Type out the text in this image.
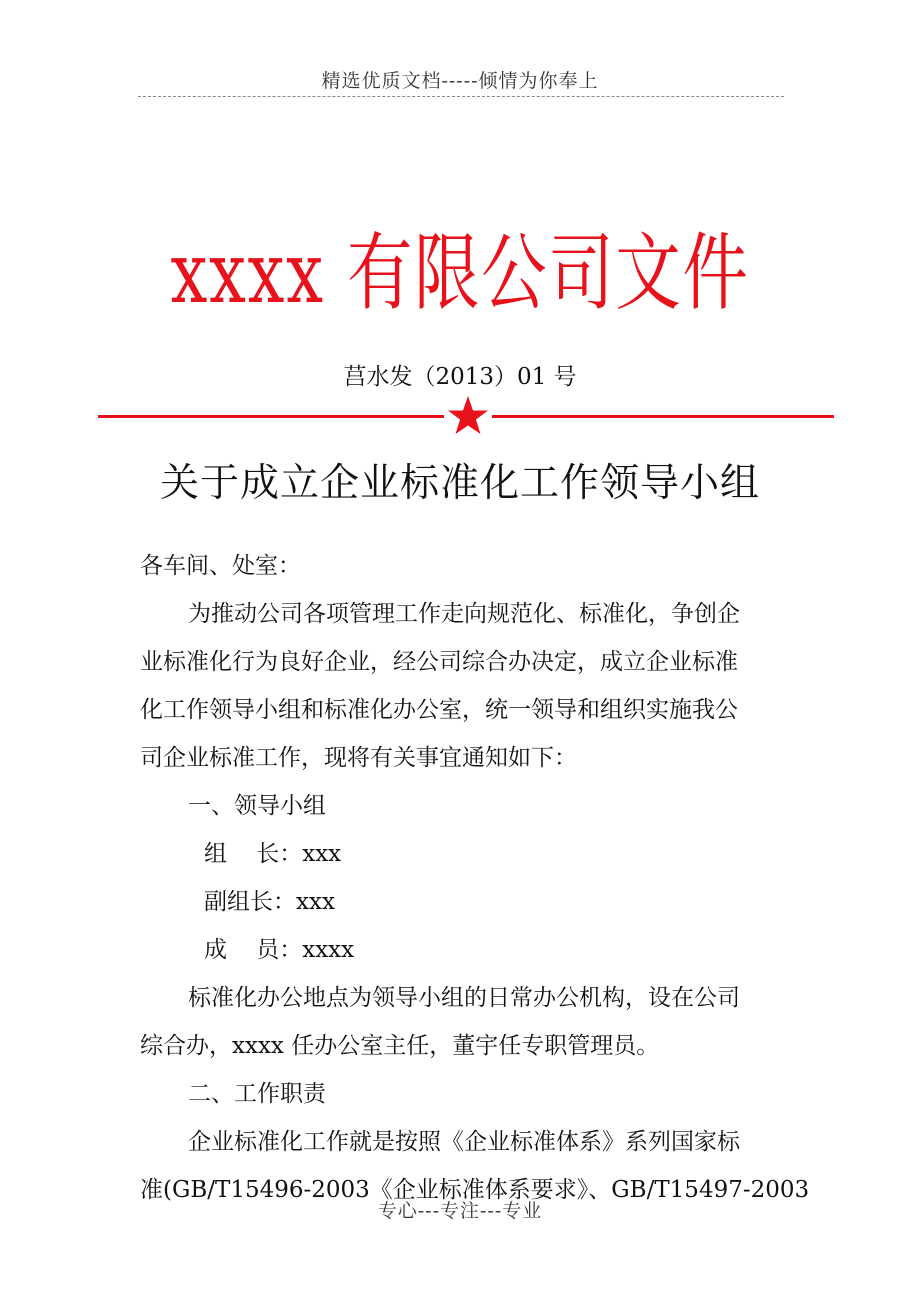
精选优质文档-----倾情为你奉上
xxxx 有限公司文件
莒水发（2013）01 号
关于成立企业标准化工作领导小组
各车间、处室：
为推动公司各项管理工作走向规范化、标准化，争创企
业标准化行为良好企业，经公司综合办决定，成立企业标准
化工作领导小组和标准化办公室，统一领导和组织实施我公
司企业标准工作，现将有关事宜通知如下：
一、领导小组
组    长：xxx
副组长：xxx
成    员：xxxx
标准化办公地点为领导小组的日常办公机构，设在公司
综合办，xxxx 任办公室主任，董宇任专职管理员。
二、工作职责
企业标准化工作就是按照《企业标准体系》系列国家标
准(GB/T15496-2003《企业标准体系要求》、GB/T15497-2003
专心---专注---专业
